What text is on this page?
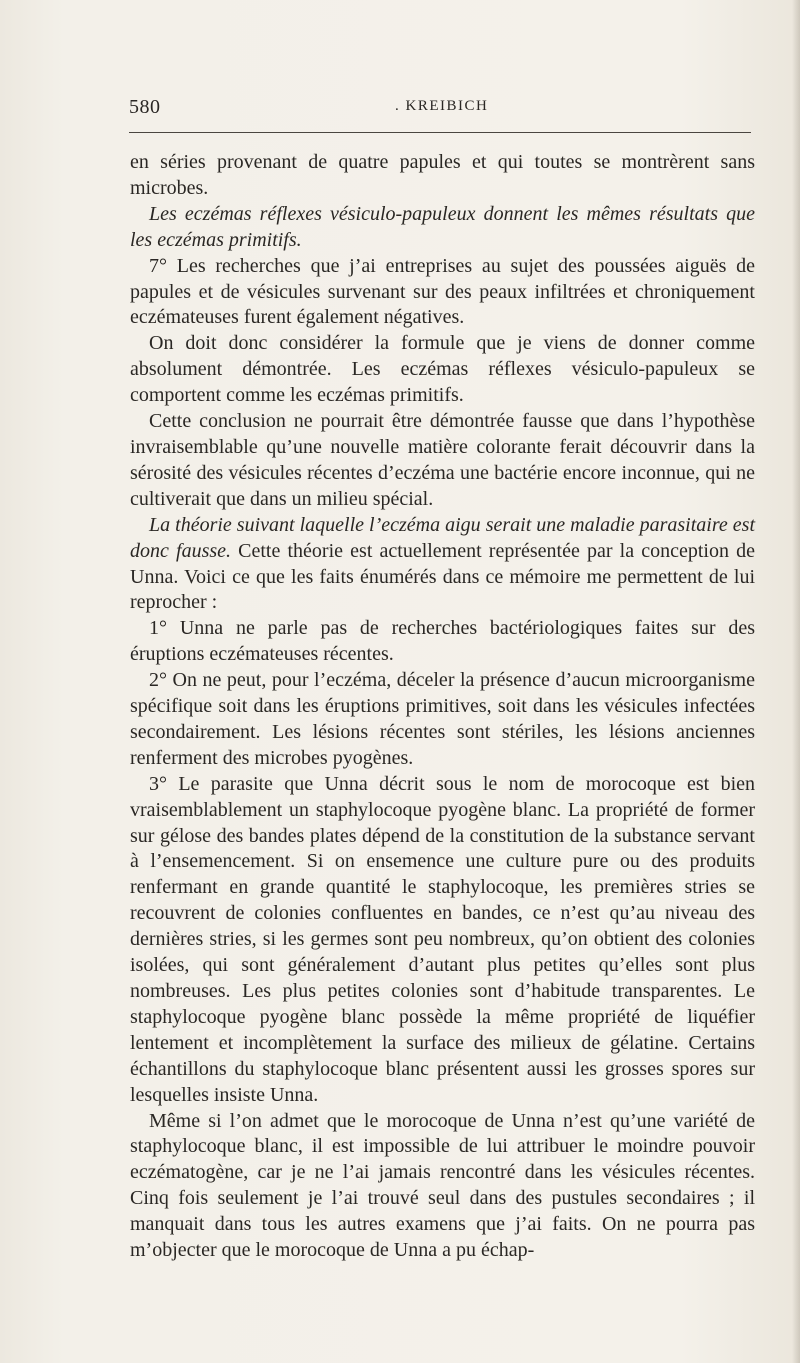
580	. KREIBICH

en séries provenant de quatre papules et qui toutes se montrèrent sans microbes.

Les eczémas réflexes vésiculo-papuleux donnent les mêmes résultats que les eczémas primitifs.

7° Les recherches que j’ai entreprises au sujet des poussées aiguës de papules et de vésicules survenant sur des peaux infiltrées et chroniquement eczémateuses furent également négatives.

On doit donc considérer la formule que je viens de donner comme absolument démontrée. Les eczémas réflexes vésiculo-papuleux se comportent comme les eczémas primitifs.

Cette conclusion ne pourrait être démontrée fausse que dans l’hypothèse invraisemblable qu’une nouvelle matière colorante ferait découvrir dans la sérosité des vésicules récentes d’eczéma une bactérie encore inconnue, qui ne cultiverait que dans un milieu spécial.

La théorie suivant laquelle l’eczéma aigu serait une maladie parasitaire est donc fausse. Cette théorie est actuellement représentée par la conception de Unna. Voici ce que les faits énumérés dans ce mémoire me permettent de lui reprocher :

1° Unna ne parle pas de recherches bactériologiques faites sur des éruptions eczémateuses récentes.

2° On ne peut, pour l’eczéma, déceler la présence d’aucun microorganisme spécifique soit dans les éruptions primitives, soit dans les vésicules infectées secondairement. Les lésions récentes sont stériles, les lésions anciennes renferment des microbes pyogènes.

3° Le parasite que Unna décrit sous le nom de morocoque est bien vraisemblablement un staphylocoque pyogène blanc. La propriété de former sur gélose des bandes plates dépend de la constitution de la substance servant à l’ensemencement. Si on ensemence une culture pure ou des produits renfermant en grande quantité le staphylocoque, les premières stries se recouvrent de colonies confluentes en bandes, ce n’est qu’au niveau des dernières stries, si les germes sont peu nombreux, qu’on obtient des colonies isolées, qui sont généralement d’autant plus petites qu’elles sont plus nombreuses. Les plus petites colonies sont d’habitude transparentes. Le staphylocoque pyogène blanc possède la même propriété de liquéfier lentement et incomplètement la surface des milieux de gélatine. Certains échantillons du staphylocoque blanc présentent aussi les grosses spores sur lesquelles insiste Unna.

Même si l’on admet que le morocoque de Unna n’est qu’une variété de staphylocoque blanc, il est impossible de lui attribuer le moindre pouvoir eczématogène, car je ne l’ai jamais rencontré dans les vésicules récentes. Cinq fois seulement je l’ai trouvé seul dans des pustules secondaires ; il manquait dans tous les autres examens que j’ai faits. On ne pourra pas m’objecter que le morocoque de Unna a pu échap-
